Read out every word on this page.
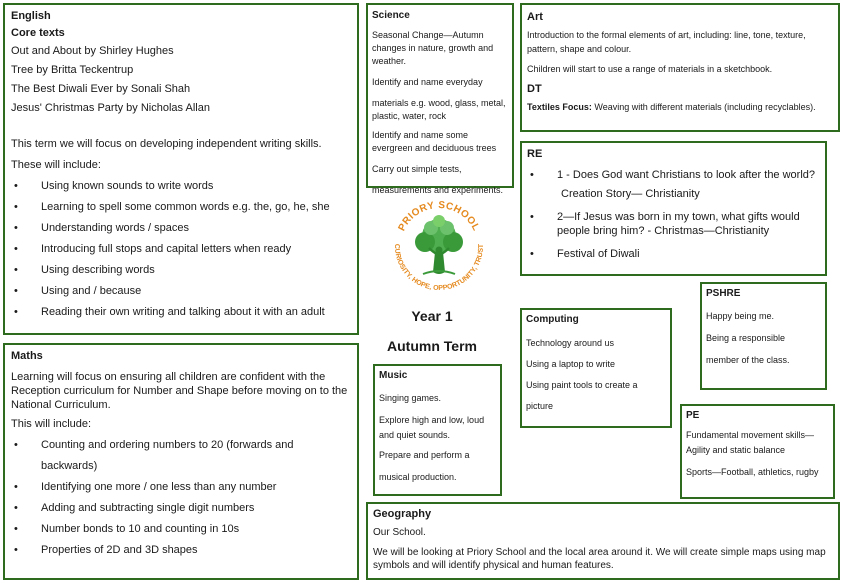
English

Core texts

Out and About by Shirley Hughes

Tree by Britta Teckentrup

The Best Diwali Ever by Sonali Shah

Jesus' Christmas Party by Nicholas Allan

This term we will focus on developing independent writing skills.

These will include:

• Using known sounds to write words
• Learning to spell some common words e.g. the, go, he, she
• Understanding words / spaces
• Introducing full stops and capital letters when ready
• Using describing words
• Using and / because
• Reading their own writing and talking about it with an adult

Maths

Learning will focus on ensuring all children are confident with the Reception curriculum for Number and Shape before moving on to the National Curriculum.

This will include:

• Counting and ordering numbers to 20 (forwards and backwards)
• Identifying one more / one less than any number
• Adding and subtracting single digit numbers
• Number bonds to 10 and counting in 10s
• Properties of 2D and 3D shapes

Science

Seasonal Change—Autumn changes in nature, growth and weather.

Identify and name everyday

materials e.g. wood, glass, metal, plastic, water, rock

Identify and name some evergreen and deciduous trees

Carry out simple tests,

measurements and experiments.

Art

Introduction to the formal elements of art, including: line, tone, texture, pattern, shape and colour.

Children will start to use a range of materials in a sketchbook.

DT

Textiles Focus: Weaving with different materials (including recyclables).

RE

• 1 - Does God want Christians to look after the world?
Creation Story— Christianity
• 2—If Jesus was born in my town, what gifts would people bring him? - Christmas—Christianity
• Festival of Diwali
PRIORY SCHOOL
CURIOSITY, HOPE, OPPORTUNITY, TRUST
Year 1
Autumn Term

Music

Singing games.

Explore high and low, loud and quiet sounds.

Prepare and perform a

musical production.

Computing

Technology around us

Using a laptop to write

Using paint tools to create a

picture

PSHRE

Happy being me.

Being a responsible

member of the class.

PE

Fundamental movement skills—Agility and static balance

Sports—Football, athletics, rugby

Geography

Our School.

We will be looking at Priory School and the local area around it. We will create simple maps using map symbols and will identify physical and human features.
